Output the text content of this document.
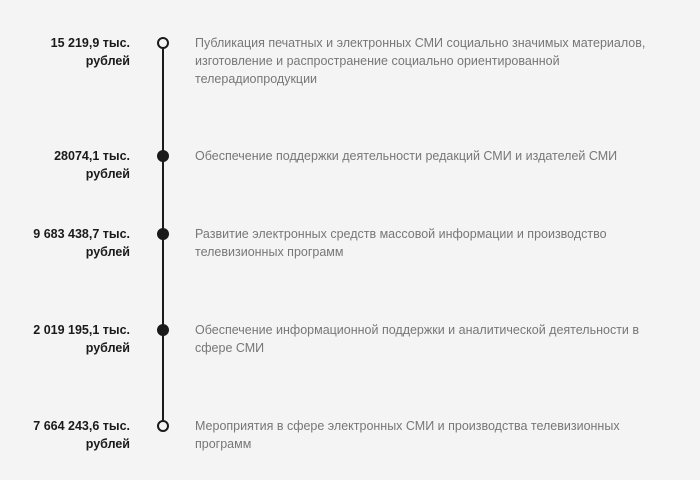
15 219,9 тыс.
рублей
Публикация печатных и электронных СМИ социально значимых материалов, изготовление и распространение социально ориентированной телерадиопродукции
28074,1 тыс.
рублей
Обеспечение поддержки деятельности редакций СМИ и издателей СМИ
9 683 438,7 тыс.
рублей
Развитие электронных средств массовой информации и производство телевизионных программ
2 019 195,1 тыс.
рублей
Обеспечение информационной поддержки и аналитической деятельности в сфере СМИ
7 664 243,6 тыс.
рублей
Мероприятия в сфере электронных СМИ и производства телевизионных программ
